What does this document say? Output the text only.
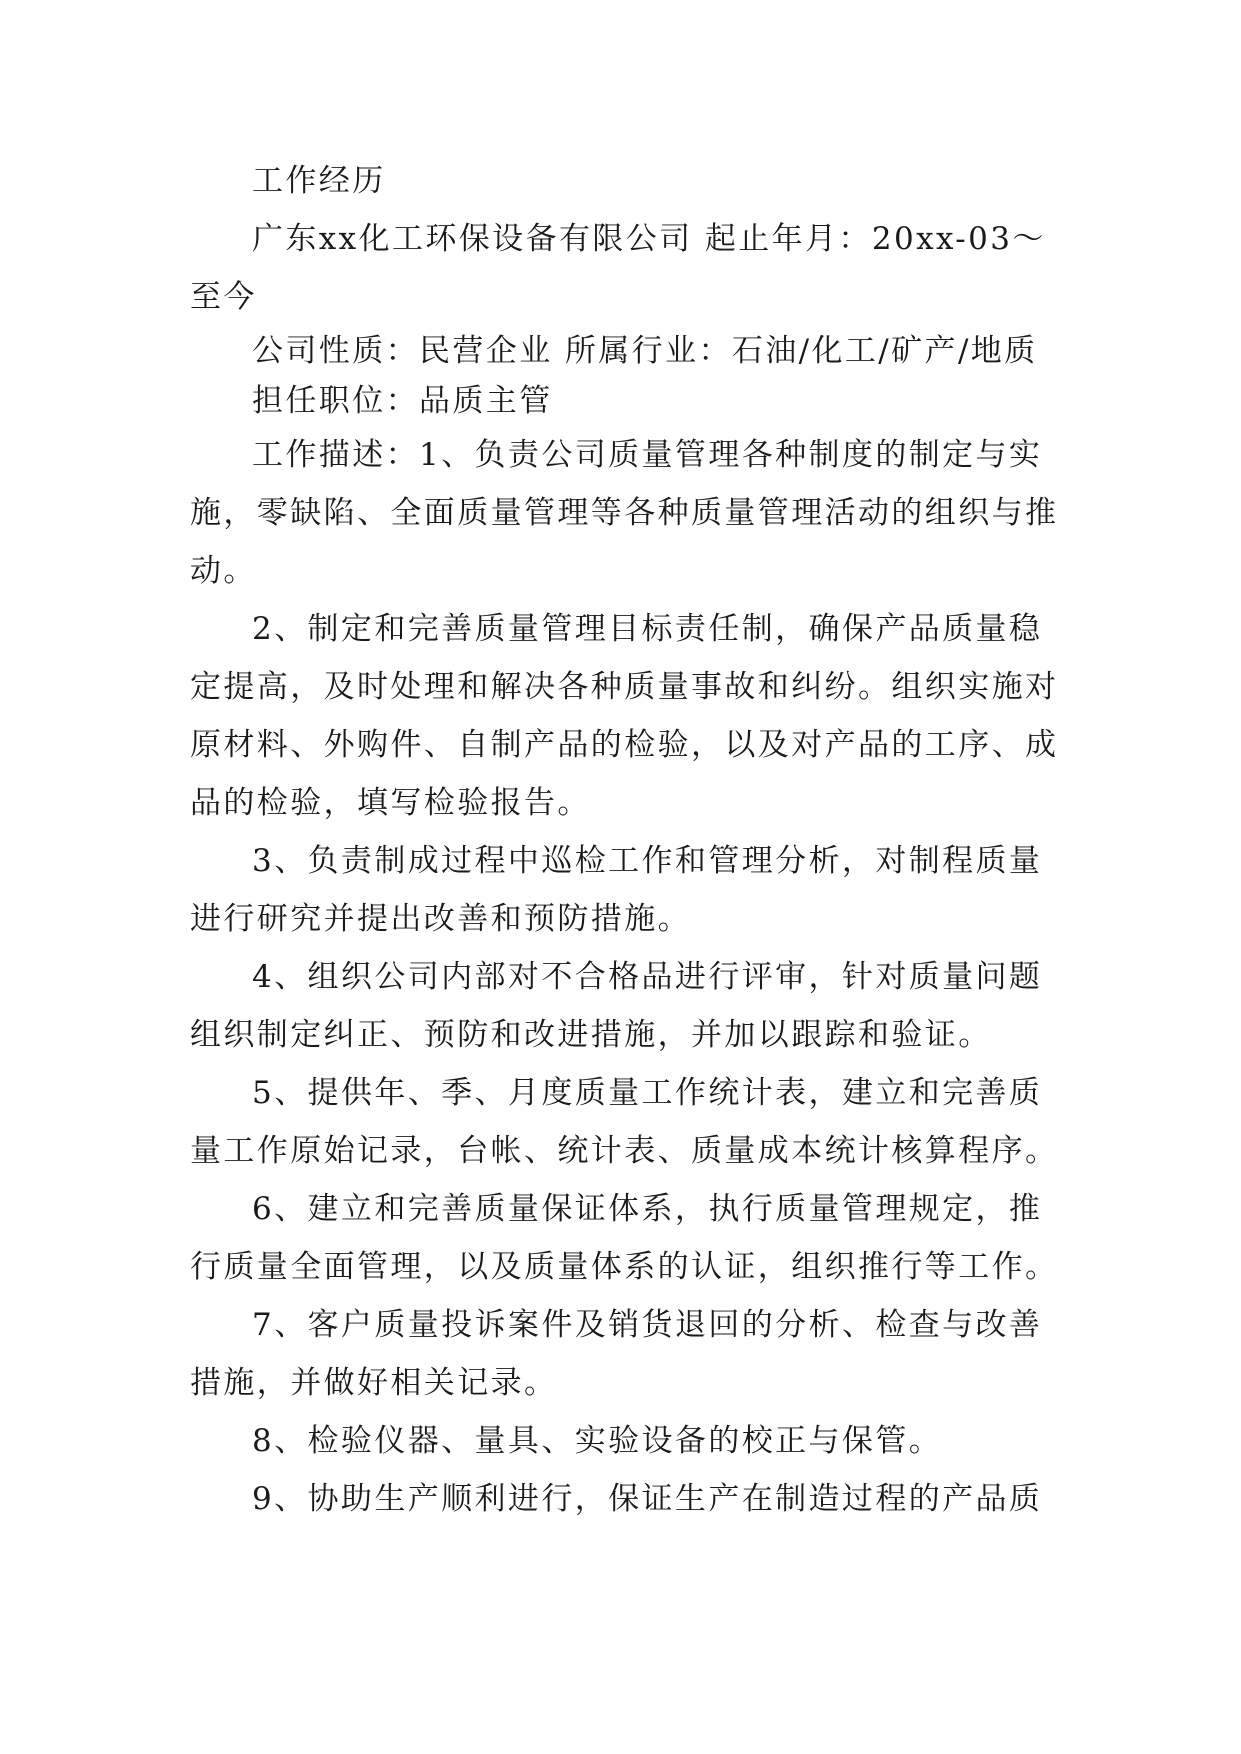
工作经历

广东xx化工环保设备有限公司 起止年月：20xx-03～至今

公司性质：民营企业 所属行业：石油/化工/矿产/地质

担任职位：品质主管

工作描述：1、负责公司质量管理各种制度的制定与实施，零缺陷、全面质量管理等各种质量管理活动的组织与推动。

2、制定和完善质量管理目标责任制，确保产品质量稳定提高，及时处理和解决各种质量事故和纠纷。组织实施对原材料、外购件、自制产品的检验，以及对产品的工序、成品的检验，填写检验报告。

3、负责制成过程中巡检工作和管理分析，对制程质量进行研究并提出改善和预防措施。

4、组织公司内部对不合格品进行评审，针对质量问题组织制定纠正、预防和改进措施，并加以跟踪和验证。

5、提供年、季、月度质量工作统计表，建立和完善质量工作原始记录，台帐、统计表、质量成本统计核算程序。

6、建立和完善质量保证体系，执行质量管理规定，推行质量全面管理，以及质量体系的认证，组织推行等工作。

7、客户质量投诉案件及销货退回的分析、检查与改善措施，并做好相关记录。

8、检验仪器、量具、实验设备的校正与保管。

9、协助生产顺利进行，保证生产在制造过程的产品质
